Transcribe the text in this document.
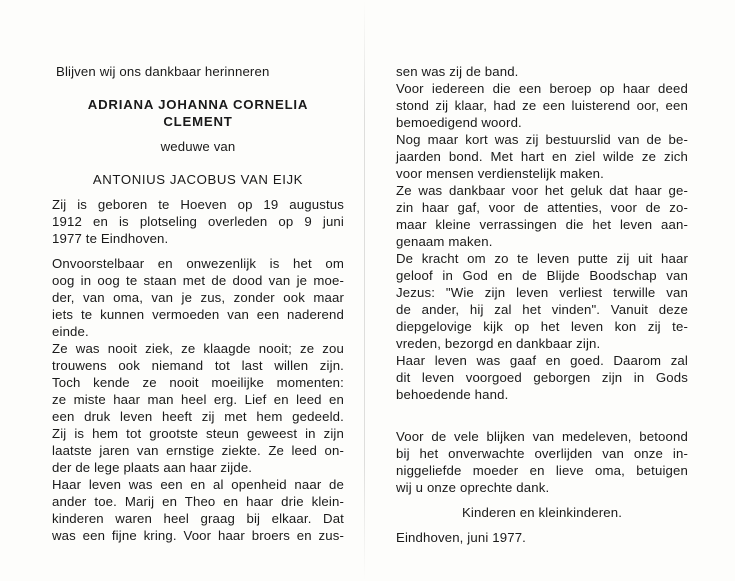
Blijven wij ons dankbaar herinneren
ADRIANA JOHANNA CORNELIA
CLEMENT
weduwe van
ANTONIUS JACOBUS VAN EIJK
Zij is geboren te Hoeven op 19 augustus
1912 en is plotseling overleden op 9 juni
1977 te Eindhoven.
Onvoorstelbaar en onwezenlijk is het om
oog in oog te staan met de dood van je moe-
der, van oma, van je zus, zonder ook maar
iets te kunnen vermoeden van een naderend
einde.
Ze was nooit ziek, ze klaagde nooit; ze zou
trouwens ook niemand tot last willen zijn.
Toch kende ze nooit moeilijke momenten:
ze miste haar man heel erg. Lief en leed en
een druk leven heeft zij met hem gedeeld.
Zij is hem tot grootste steun geweest in zijn
laatste jaren van ernstige ziekte. Ze leed on-
der de lege plaats aan haar zijde.
Haar leven was een en al openheid naar de
ander toe. Marij en Theo en haar drie klein-
kinderen waren heel graag bij elkaar. Dat
was een fijne kring. Voor haar broers en zus-
sen was zij de band.
Voor iedereen die een beroep op haar deed
stond zij klaar, had ze een luisterend oor, een
bemoedigend woord.
Nog maar kort was zij bestuurslid van de be-
jaarden bond. Met hart en ziel wilde ze zich
voor mensen verdienstelijk maken.
Ze was dankbaar voor het geluk dat haar ge-
zin haar gaf, voor de attenties, voor de zo-
maar kleine verrassingen die het leven aan-
genaam maken.
De kracht om zo te leven putte zij uit haar
geloof in God en de Blijde Boodschap van
Jezus: "Wie zijn leven verliest terwille van
de ander, hij zal het vinden". Vanuit deze
diepgelovige kijk op het leven kon zij te-
vreden, bezorgd en dankbaar zijn.
Haar leven was gaaf en goed. Daarom zal
dit leven voorgoed geborgen zijn in Gods
behoedende hand.
Voor de vele blijken van medeleven, betoond
bij het onverwachte overlijden van onze in-
niggeliefde moeder en lieve oma, betuigen
wij u onze oprechte dank.
Kinderen en kleinkinderen.
Eindhoven, juni 1977.
